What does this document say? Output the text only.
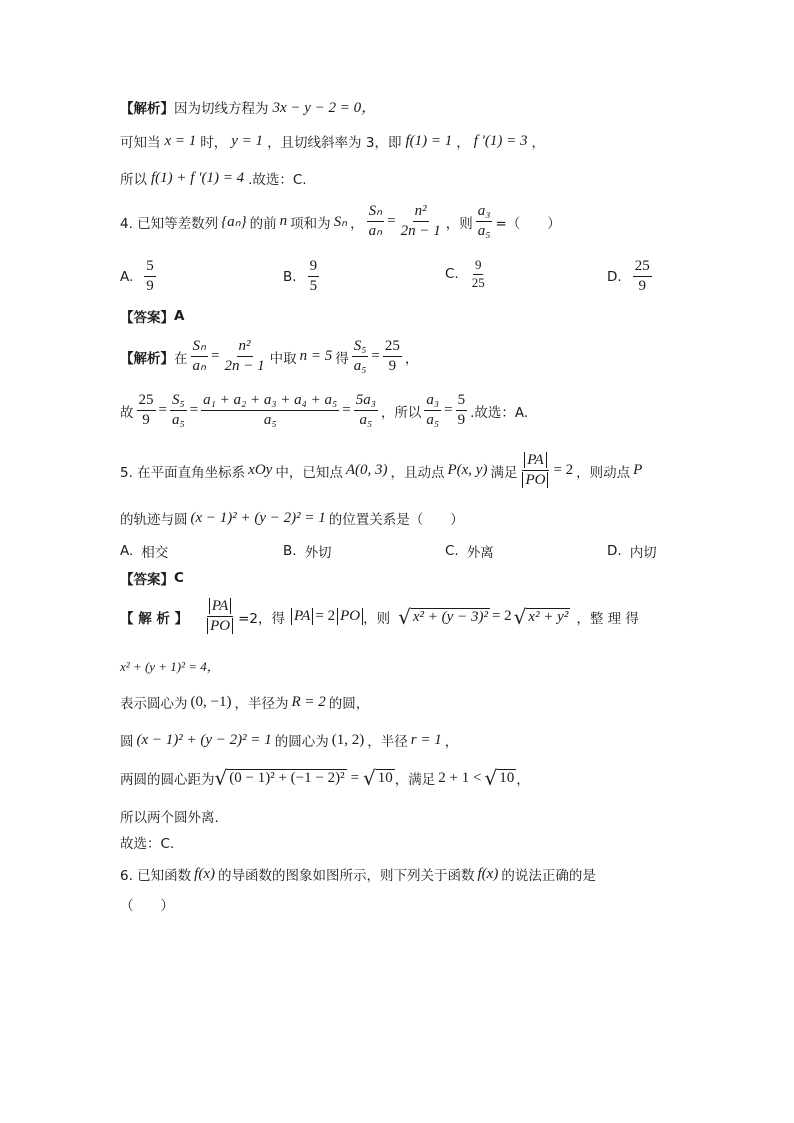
【解析】 因为切线方程为 3x − y − 2 = 0，
可知当 x = 1 时， y = 1 ，且切线斜率为 3，即 f(1) = 1 ， f ′(1) = 3 ，
所以 f(1) + f ′(1) = 4 .故选：C.
4. 已知等差数列 {aₙ} 的前 n 项和为 Sₙ ， $\frac{\text{Sₙ}}{\text{aₙ}} = \frac{\text{n²}}{2n - 1}$ ，则 $\frac{\text{a₃}}{\text{a₅}}$ =（　　）
A. $\frac{5}{9}$	B. $\frac{9}{5}$	C. $\frac{9}{25}$	D. $\frac{25}{9}$
【答案】 A
【解析】 在 $\frac{\text{Sₙ}}{\text{aₙ}} = \frac{\text{n²}}{2n - 1}$ 中取 n = 5 得 $\frac{\text{S₅}}{\text{a₅}} = \frac{25}{9}$ ，
故 $\frac{25}{9} = \frac{\text{S₅}}{\text{a₅}} = \frac{\text{a₁ + a₂ + a₃ + a₄ + a₅}}{\text{a₅}} = \frac{\text{5a₃}}{\text{a₅}}$ ，所以 $\frac{\text{a₃}}{\text{a₅}} = \frac{5}{9}$ .故选：A.
5. 在平面直角坐标系 xOy 中，已知点 A(0, 3) ，且动点 P(x, y) 满足 $\frac{PA}{PO} = 2$ ，则动点 P
的轨迹与圆 (x − 1)² + (y − 2)² = 1 的位置关系是（　　）
A. 相交	B. 外切	C. 外离	D. 内切
【答案】 C
【 解 析 】 $\frac{PA}{PO} =2$，得 PA = 2 PO ，则 √ x² + (y − 3)² = 2 √ x² + y² ，整 理 得
x² + (y + 1)² = 4，
表示圆心为 (0, −1) ，半径为 R = 2 的圆，
圆 (x − 1)² + (y − 2)² = 1 的圆心为 (1, 2) ，半径 r = 1 ，
两圆的圆心距为 √ (0 − 1)² + (−1 − 2)² = √ 10 ，满足 2 + 1 < √ 10 ，
所以两个圆外离.
故选：C.
6. 已知函数 f(x) 的导函数的图象如图所示，则下列关于函数 f(x) 的说法正确的是
（　　）
